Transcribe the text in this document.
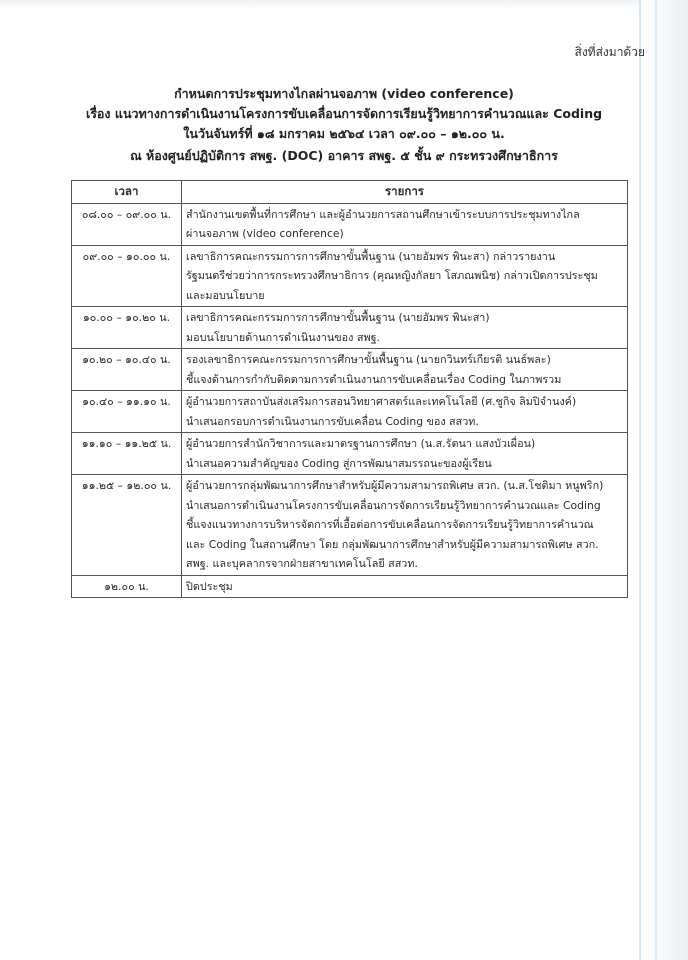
สิ่งที่ส่งมาด้วย
กำหนดการประชุมทางไกลผ่านจอภาพ (video conference)
เรื่อง แนวทางการดำเนินงานโครงการขับเคลื่อนการจัดการเรียนรู้วิทยาการคำนวณและ Coding
ในวันจันทร์ที่ ๑๘ มกราคม ๒๕๖๔ เวลา ๐๙.๐๐ – ๑๒.๐๐ น.
ณ ห้องศูนย์ปฏิบัติการ สพฐ. (DOC) อาคาร สพฐ. ๕ ชั้น ๙ กระทรวงศึกษาธิการ
เวลา	รายการ
๐๘.๐๐ – ๐๙.๐๐ น.	สำนักงานเขตพื้นที่การศึกษา และผู้อำนวยการสถานศึกษาเข้าระบบการประชุมทางไกล
ผ่านจอภาพ (video conference)

๐๙.๐๐ – ๑๐.๐๐ น.	เลขาธิการคณะกรรมการการศึกษาขั้นพื้นฐาน (นายอัมพร พินะสา) กล่าวรายงาน
รัฐมนตรีช่วยว่าการกระทรวงศึกษาธิการ (คุณหญิงกัลยา โสภณพนิช) กล่าวเปิดการประชุม
และมอบนโยบาย

๑๐.๐๐ – ๑๐.๒๐ น.	เลขาธิการคณะกรรมการการศึกษาขั้นพื้นฐาน (นายอัมพร พินะสา)
มอบนโยบายด้านการดำเนินงานของ สพฐ.

๑๐.๒๐ – ๑๐.๔๐ น.	รองเลขาธิการคณะกรรมการการศึกษาขั้นพื้นฐาน (นายกวินทร์เกียรติ นนธ์พละ)
ชี้แจงด้านการกำกับติดตามการดำเนินงานการขับเคลื่อนเรื่อง Coding ในภาพรวม

๑๐.๔๐ – ๑๑.๑๐ น.	ผู้อำนวยการสถาบันส่งเสริมการสอนวิทยาศาสตร์และเทคโนโลยี (ศ.ชูกิจ ลิมปิจำนงค์)
นำเสนอกรอบการดำเนินงานการขับเคลื่อน Coding ของ สสวท.

๑๑.๑๐ – ๑๑.๒๕ น.	ผู้อำนวยการสำนักวิชาการและมาตรฐานการศึกษา (น.ส.รัตนา แสงบัวเผื่อน)
นำเสนอความสำคัญของ Coding สู่การพัฒนาสมรรถนะของผู้เรียน

๑๑.๒๕ – ๑๒.๐๐ น.	ผู้อำนวยการกลุ่มพัฒนาการศึกษาสำหรับผู้มีความสามารถพิเศษ สวก. (น.ส.โชติมา หนูพริก)
นำเสนอการดำเนินงานโครงการขับเคลื่อนการจัดการเรียนรู้วิทยาการคำนวณและ Coding
ชี้แจงแนวทางการบริหารจัดการที่เอื้อต่อการขับเคลื่อนการจัดการเรียนรู้วิทยาการคำนวณ
และ Coding ในสถานศึกษา โดย กลุ่มพัฒนาการศึกษาสำหรับผู้มีความสามารถพิเศษ สวก.
สพฐ. และบุคลากรจากฝ่ายสาขาเทคโนโลยี สสวท.

๑๒.๐๐ น.	ปิดประชุม
